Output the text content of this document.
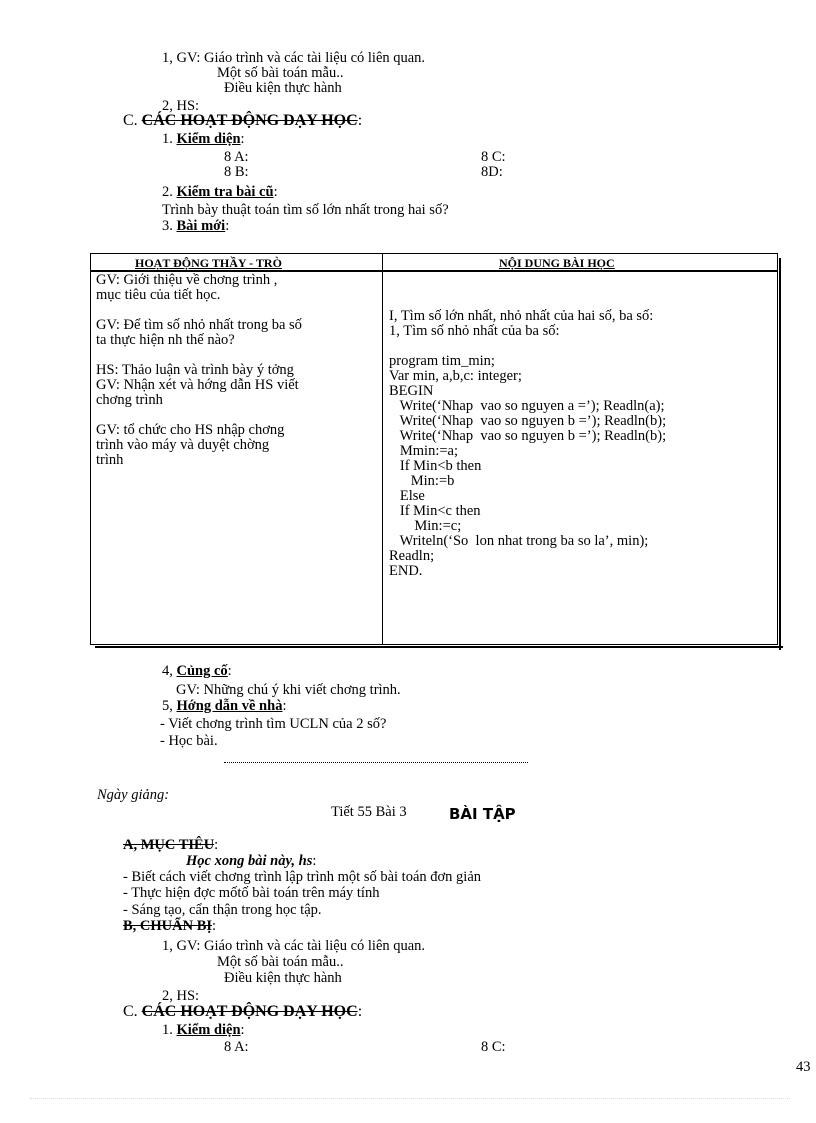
1, GV: Giáo trình và các tài liệu có liên quan.
Một số bài toán mẫu..
Điều kiện thực hành
2, HS:
C. CÁC HOẠT ĐỘNG DẠY HỌC:
1. Kiểm diện:
8 A:	8 C:
8 B:	8D:
2. Kiểm tra bài cũ:
Trình bày thuật toán tìm số lớn nhất trong hai số?
3. Bài mới:
HOẠT ĐỘNG THẦY - TRÒ	NỘI DUNG BÀI HỌC
GV: Giới thiệu về chơng trình ,
mục tiêu của tiết học.
GV: Để tìm số nhỏ nhất trong ba số
ta thực hiện nh thế nào?
HS: Thảo luận và trình bày ý tởng
GV: Nhận xét và hớng dẫn HS viết
chơng trình
GV: tổ chức cho HS nhập chơng
trình vào máy và duyệt chờng
trình
I, Tìm số lớn nhất, nhỏ nhất của hai số, ba số:
1, Tìm số nhỏ nhất của ba số:
program tim_min;
Var min, a,b,c: integer;
BEGIN
Write(‘Nhap  vao so nguyen a =’); Readln(a);
Write(‘Nhap  vao so nguyen b =’); Readln(b);
Write(‘Nhap  vao so nguyen b =’); Readln(b);
Mmin:=a;
If Min<b then
Min:=b
Else
If Min<c then
Min:=c;
Writeln(‘So  lon nhat trong ba so la’, min);
Readln;
END.
4, Củng cố:
GV: Những chú ý khi viết chơng trình.
5, Hớng dẫn về nhà:
- Viết chơng trình tìm UCLN của 2 số?
- Học bài.
Ngày giảng:
Tiết 55 Bài 3	BÀI TẬP
A, MỤC TIÊU:
Học xong bài này, hs:
- Biết cách viết chơng trình lập trình một số bài toán đơn giản
- Thực hiện đợc mốtố bài toán trên máy tính
- Sáng tạo, cẩn thận trong học tập.
B, CHUẨN BỊ:
1, GV: Giáo trình và các tài liệu có liên quan.
Một số bài toán mẫu..
Điều kiện thực hành
2, HS:
C. CÁC HOẠT ĐỘNG DẠY HỌC:
1. Kiểm diện:
8 A:	8 C:
43
